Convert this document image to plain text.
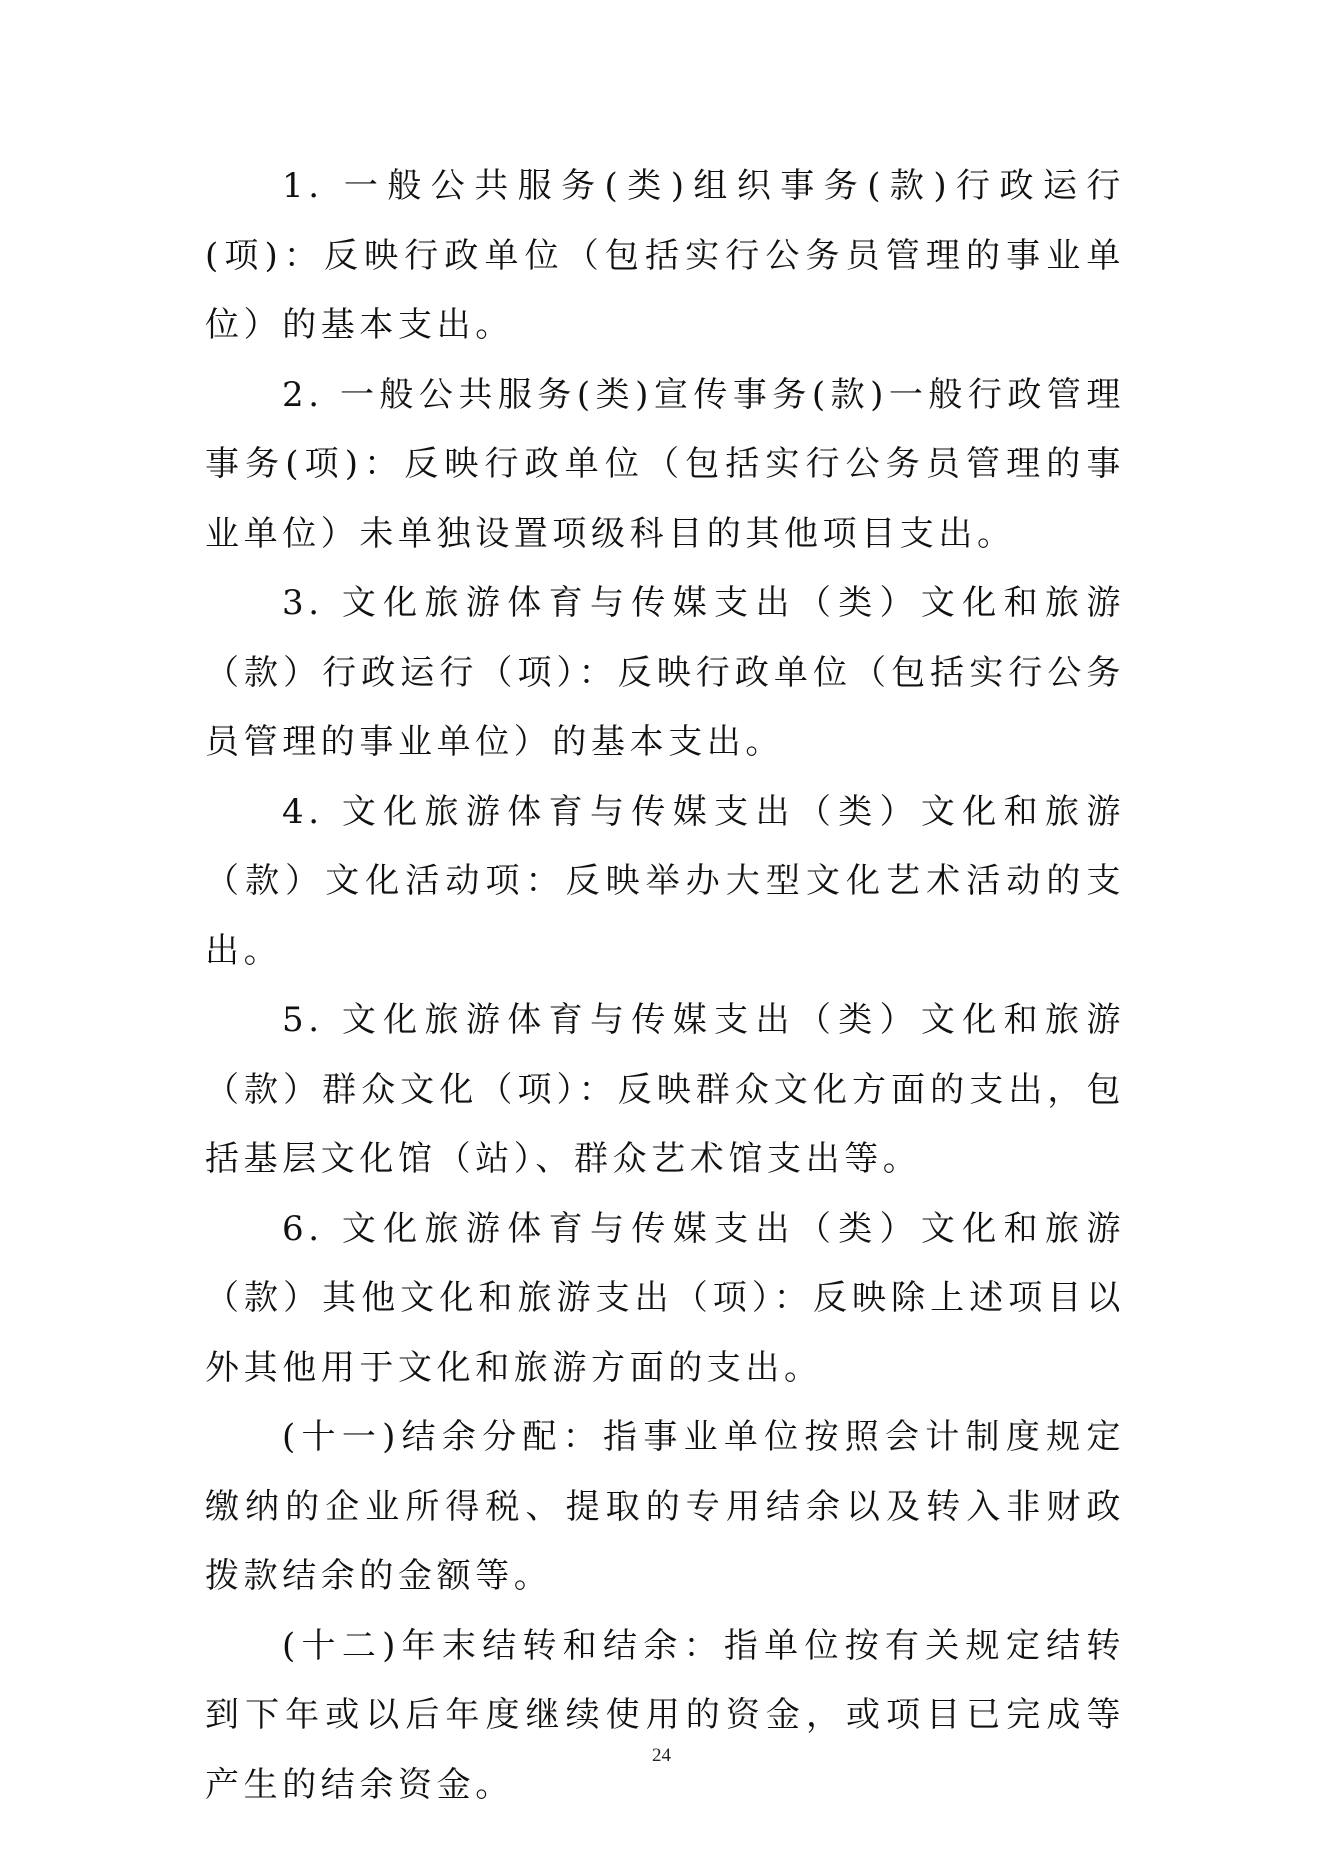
1. 一般公共服务(类)组织事务(款)行政运行(项)：反映行政单位（包括实行公务员管理的事业单位）的基本支出。

2. 一般公共服务(类)宣传事务(款)一般行政管理事务(项)：反映行政单位（包括实行公务员管理的事业单位）未单独设置项级科目的其他项目支出。

3. 文化旅游体育与传媒支出（类）文化和旅游（款）行政运行（项）：反映行政单位（包括实行公务员管理的事业单位）的基本支出。

4. 文化旅游体育与传媒支出（类）文化和旅游（款）文化活动项：反映举办大型文化艺术活动的支出。

5. 文化旅游体育与传媒支出（类）文化和旅游（款）群众文化（项）：反映群众文化方面的支出，包括基层文化馆（站）、群众艺术馆支出等。

6. 文化旅游体育与传媒支出（类）文化和旅游（款）其他文化和旅游支出（项）：反映除上述项目以外其他用于文化和旅游方面的支出。

(十一)结余分配：指事业单位按照会计制度规定缴纳的企业所得税、提取的专用结余以及转入非财政拨款结余的金额等。

(十二)年末结转和结余：指单位按有关规定结转到下年或以后年度继续使用的资金，或项目已完成等产生的结余资金。

24
